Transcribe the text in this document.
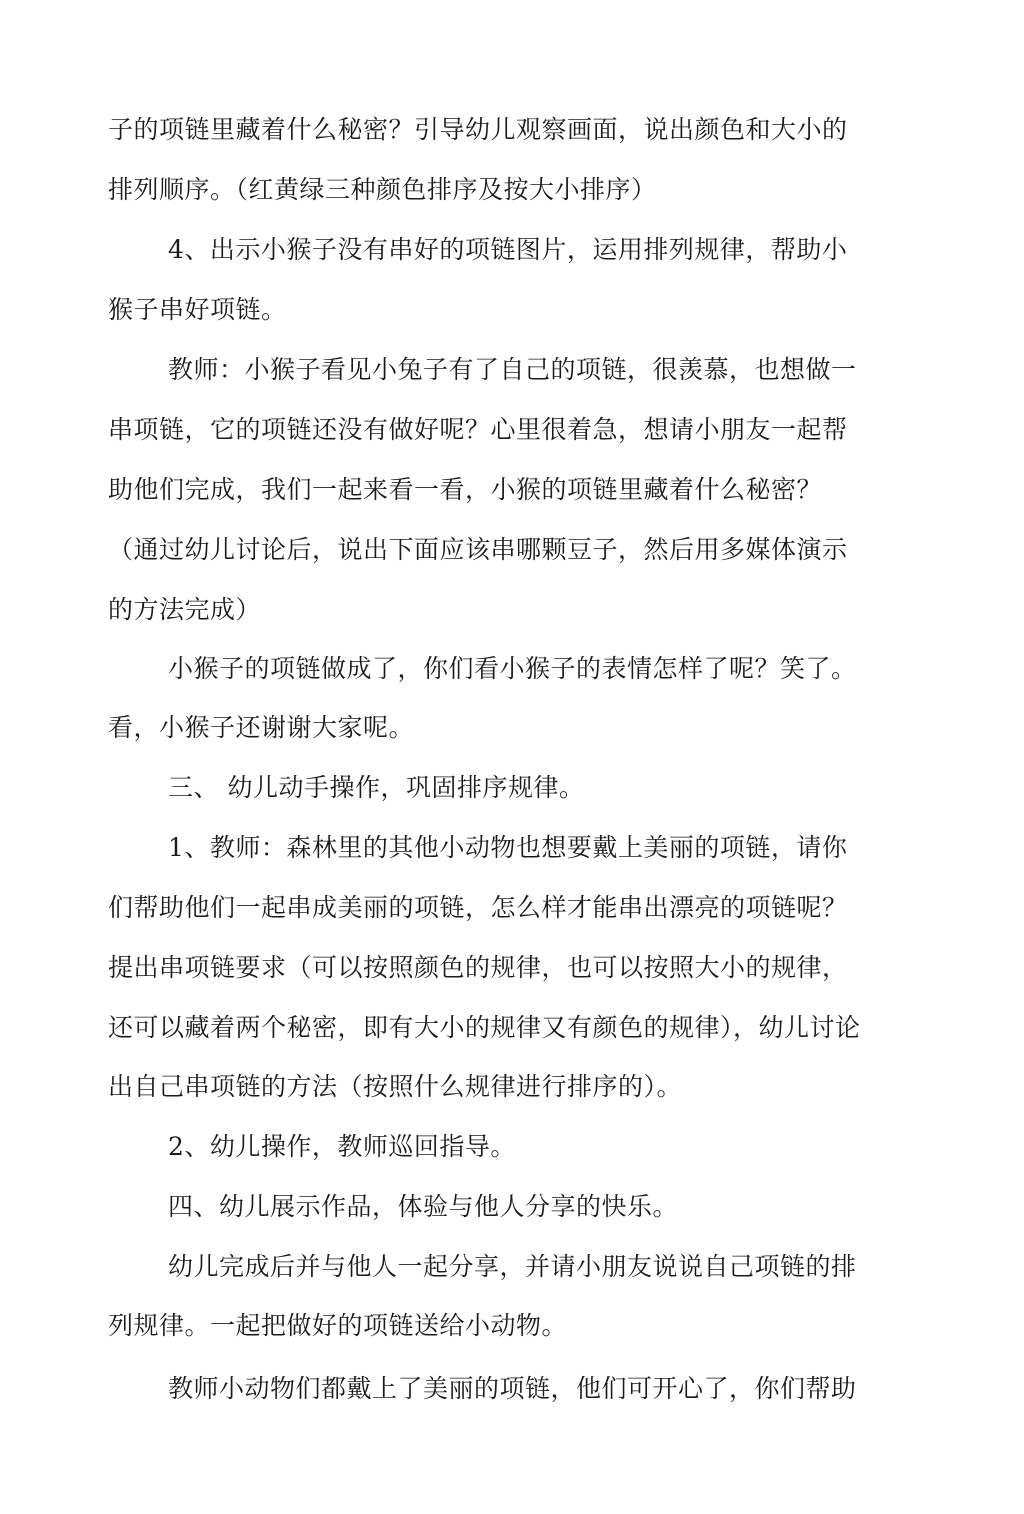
子的项链里藏着什么秘密？引导幼儿观察画面，说出颜色和大小的
排列顺序。（红黄绿三种颜色排序及按大小排序）
4、出示小猴子没有串好的项链图片，运用排列规律，帮助小
猴子串好项链。
教师：小猴子看见小兔子有了自己的项链，很羡慕，也想做一
串项链，它的项链还没有做好呢？心里很着急，想请小朋友一起帮
助他们完成，我们一起来看一看，小猴的项链里藏着什么秘密？
（通过幼儿讨论后，说出下面应该串哪颗豆子，然后用多媒体演示
的方法完成）
小猴子的项链做成了，你们看小猴子的表情怎样了呢？笑了。
看，小猴子还谢谢大家呢。
三、 幼儿动手操作，巩固排序规律。
1、教师：森林里的其他小动物也想要戴上美丽的项链，请你
们帮助他们一起串成美丽的项链，怎么样才能串出漂亮的项链呢？
提出串项链要求（可以按照颜色的规律，也可以按照大小的规律，
还可以藏着两个秘密，即有大小的规律又有颜色的规律），幼儿讨论
出自己串项链的方法（按照什么规律进行排序的）。
2、幼儿操作，教师巡回指导。
四、幼儿展示作品，体验与他人分享的快乐。
幼儿完成后并与他人一起分享，并请小朋友说说自己项链的排
列规律。一起把做好的项链送给小动物。
教师小动物们都戴上了美丽的项链，他们可开心了，你们帮助
